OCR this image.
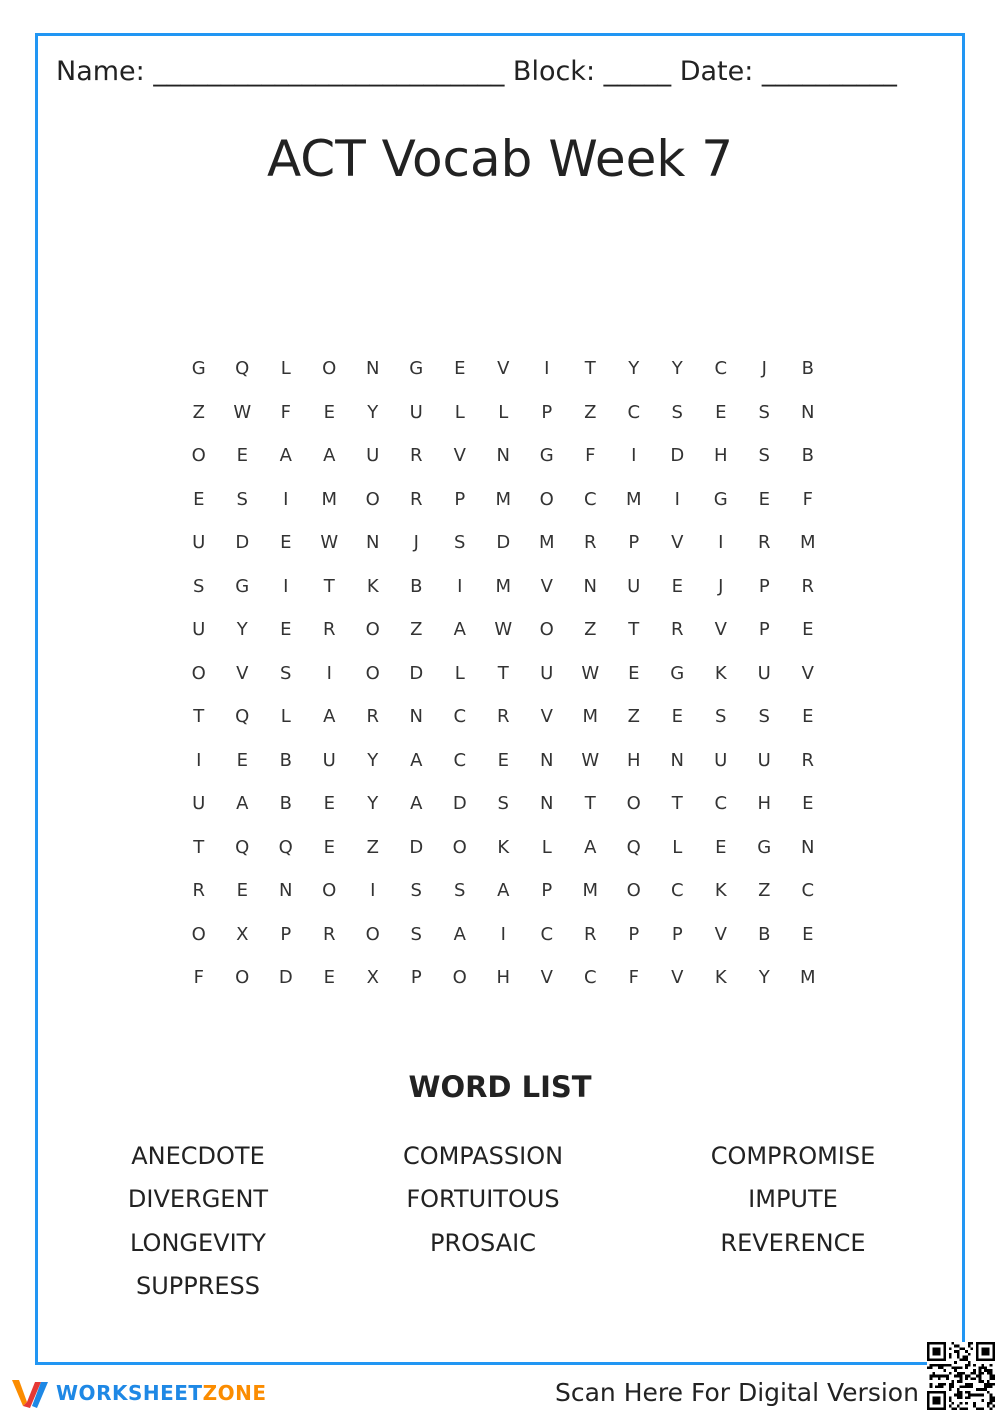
Name: __________________________ Block: _____ Date: __________
ACT Vocab Week 7
G	Q	L	O	N	G	E	V	I	T	Y	Y	C	J	B
Z	W	F	E	Y	U	L	L	P	Z	C	S	E	S	N
O	E	A	A	U	R	V	N	G	F	I	D	H	S	B
E	S	I	M	O	R	P	M	O	C	M	I	G	E	F
U	D	E	W	N	J	S	D	M	R	P	V	I	R	M
S	G	I	T	K	B	I	M	V	N	U	E	J	P	R
U	Y	E	R	O	Z	A	W	O	Z	T	R	V	P	E
O	V	S	I	O	D	L	T	U	W	E	G	K	U	V
T	Q	L	A	R	N	C	R	V	M	Z	E	S	S	E
I	E	B	U	Y	A	C	E	N	W	H	N	U	U	R
U	A	B	E	Y	A	D	S	N	T	O	T	C	H	E
T	Q	Q	E	Z	D	O	K	L	A	Q	L	E	G	N
R	E	N	O	I	S	S	A	P	M	O	C	K	Z	C
O	X	P	R	O	S	A	I	C	R	P	P	V	B	E
F	O	D	E	X	P	O	H	V	C	F	V	K	Y	M
WORD LIST
ANECDOTE	COMPASSION	COMPROMISE
DIVERGENT	FORTUITOUS	IMPUTE
LONGEVITY	PROSAIC	REVERENCE
SUPPRESS
WORKSHEETZONE	Scan Here For Digital Version
